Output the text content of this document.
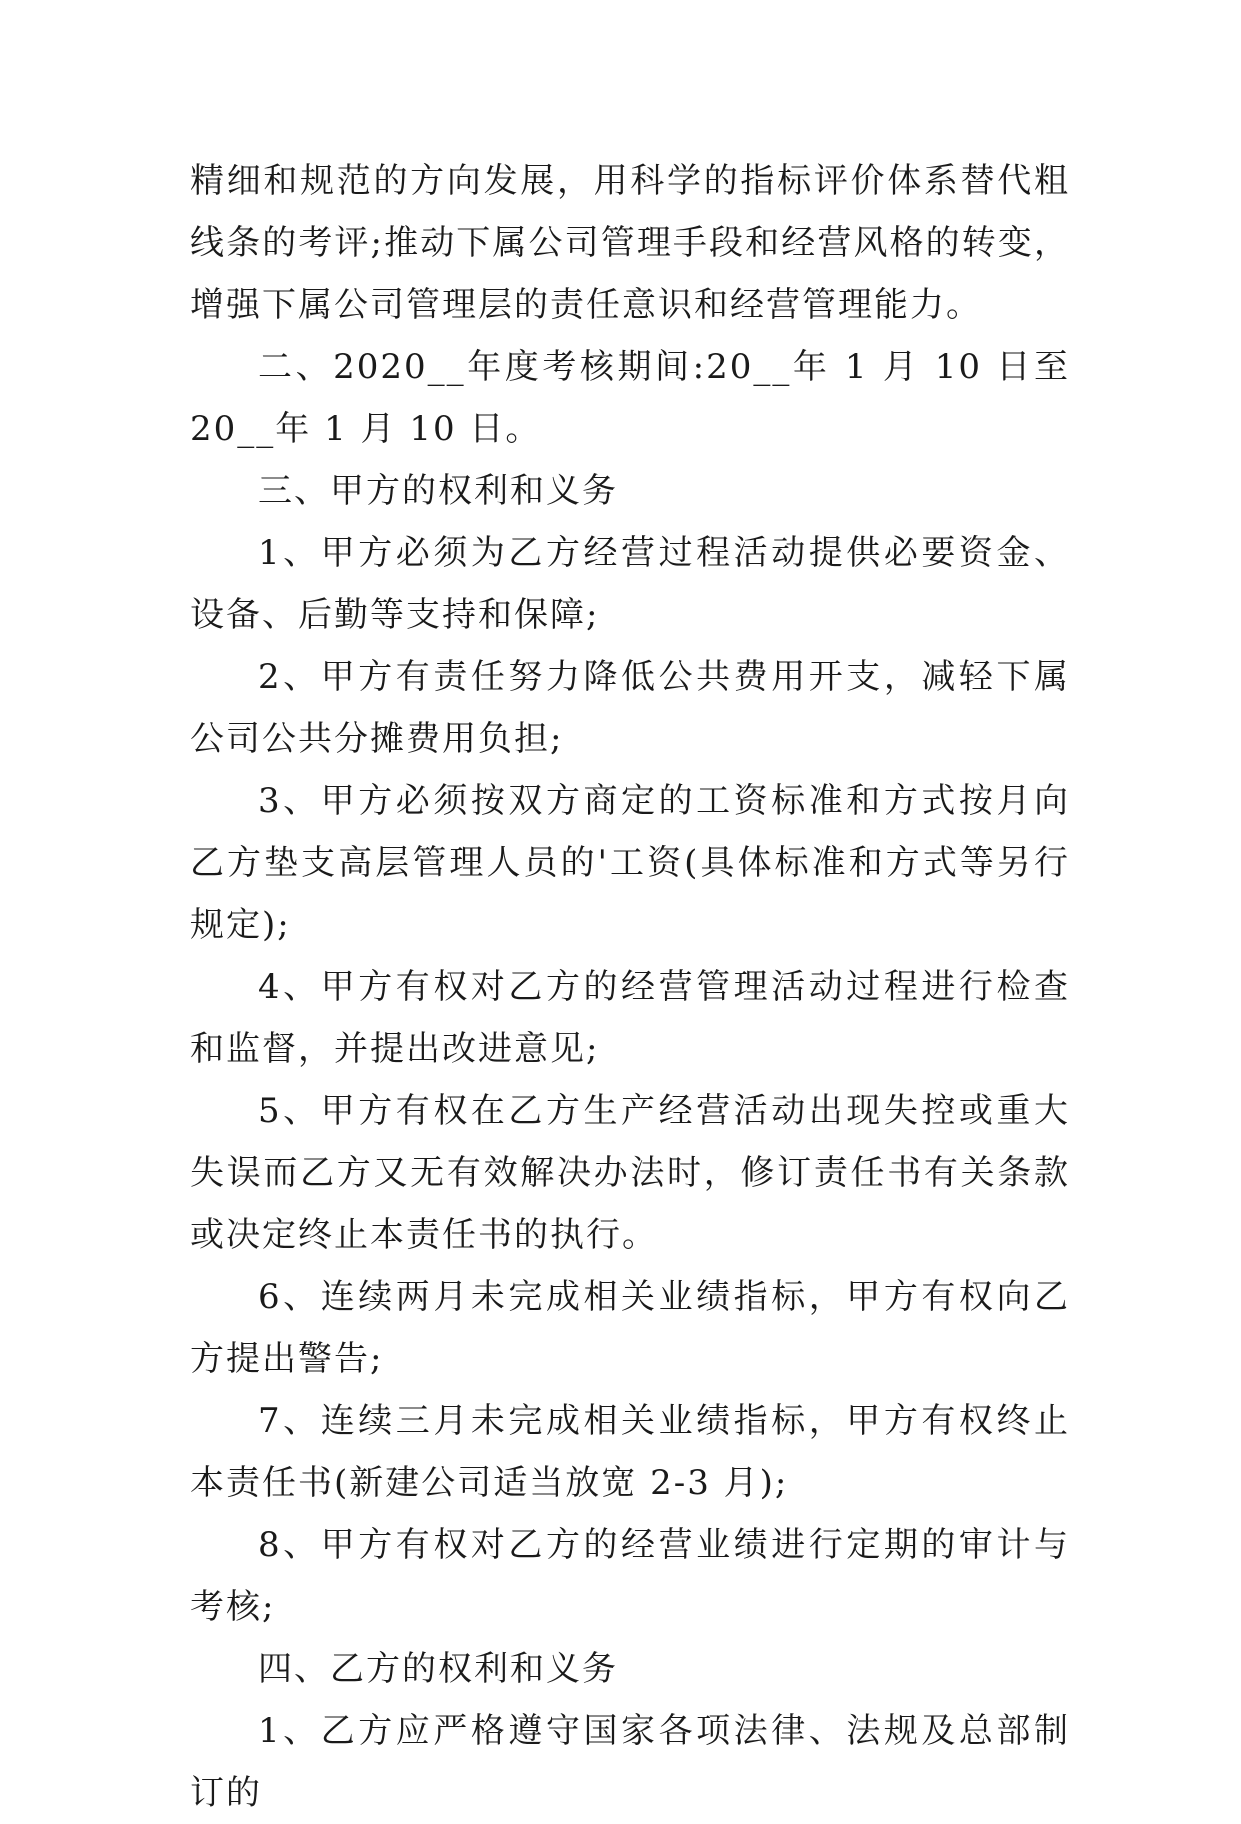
精细和规范的方向发展，用科学的指标评价体系替代粗线条的考评;推动下属公司管理手段和经营风格的转变，增强下属公司管理层的责任意识和经营管理能力。

二、2020__年度考核期间:20__年 1 月 10 日至 20__年 1 月 10 日。

三、甲方的权利和义务

1、甲方必须为乙方经营过程活动提供必要资金、设备、后勤等支持和保障;

2、甲方有责任努力降低公共费用开支，减轻下属公司公共分摊费用负担;

3、甲方必须按双方商定的工资标准和方式按月向乙方垫支高层管理人员的'工资(具体标准和方式等另行规定);

4、甲方有权对乙方的经营管理活动过程进行检查和监督，并提出改进意见;

5、甲方有权在乙方生产经营活动出现失控或重大失误而乙方又无有效解决办法时，修订责任书有关条款或决定终止本责任书的执行。

6、连续两月未完成相关业绩指标，甲方有权向乙方提出警告;

7、连续三月未完成相关业绩指标，甲方有权终止本责任书(新建公司适当放宽 2-3 月);

8、甲方有权对乙方的经营业绩进行定期的审计与考核;

四、乙方的权利和义务

1、乙方应严格遵守国家各项法律、法规及总部制订的
